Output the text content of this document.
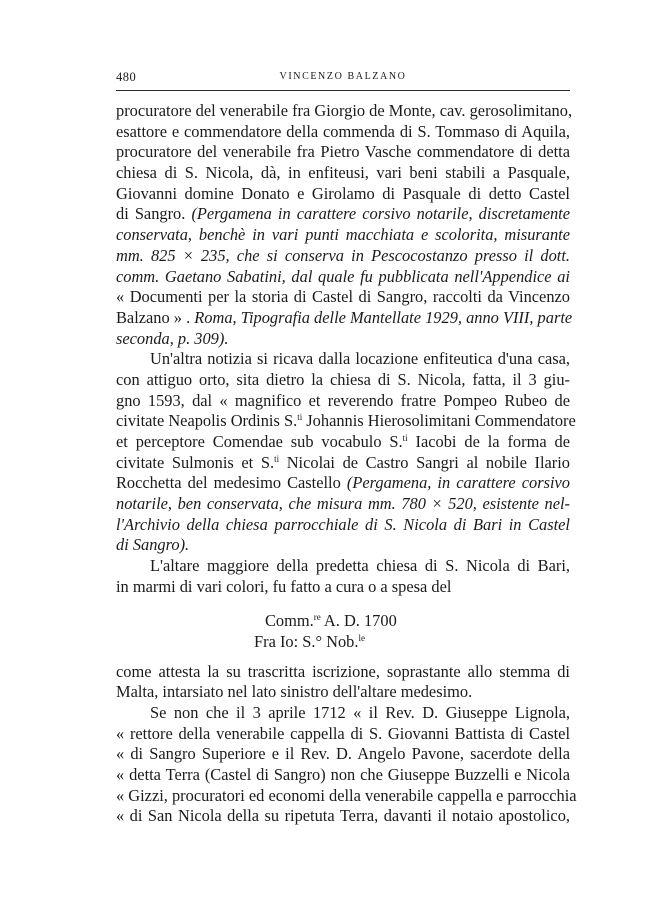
480	VINCENZO BALZANO
procuratore del venerabile fra Giorgio de Monte, cav. gerosolimitano,
esattore e commendatore della commenda di S. Tommaso di Aquila,
procuratore del venerabile fra Pietro Vasche commendatore di detta
chiesa di S. Nicola, dà, in enfiteusi, vari beni stabili a Pasquale,
Giovanni domine Donato e Girolamo di Pasquale di detto Castel
di Sangro. (Pergamena in carattere corsivo notarile, discretamente
conservata, benchè in vari punti macchiata e scolorita, misurante
mm. 825 × 235, che si conserva in Pescocostanzo presso il dott.
comm. Gaetano Sabatini, dal quale fu pubblicata nell'Appendice ai
« Documenti per la storia di Castel di Sangro, raccolti da Vincenzo
Balzano » . Roma, Tipografia delle Mantellate 1929, anno VIII, parte
seconda, p. 309).
Un'altra notizia si ricava dalla locazione enfiteutica d'una casa,
con attiguo orto, sita dietro la chiesa di S. Nicola, fatta, il 3 giu-
gno 1593, dal « magnifico et reverendo fratre Pompeo Rubeo de
civitate Neapolis Ordinis S.$^{ti}$ Johannis Hierosolimitani Commendatore
et perceptore Comendae sub vocabulo S.$^{ti}$ Iacobi de la forma de
civitate Sulmonis et S.$^{ti}$ Nicolai de Castro Sangri al nobile Ilario
Rocchetta del medesimo Castello (Pergamena, in carattere corsivo
notarile, ben conservata, che misura mm. 780 × 520, esistente nel-
l'Archivio della chiesa parrocchiale di S. Nicola di Bari in Castel
di Sangro).
L'altare maggiore della predetta chiesa di S. Nicola di Bari,
in marmi di vari colori, fu fatto a cura o a spesa del
Comm.$^{re}$ A. D. 1700
Fra Io: S.° Nob.$^{le}$
come attesta la su trascritta iscrizione, soprastante allo stemma di
Malta, intarsiato nel lato sinistro dell'altare medesimo.
Se non che il 3 aprile 1712 « il Rev. D. Giuseppe Lignola,
« rettore della venerabile cappella di S. Giovanni Battista di Castel
« di Sangro Superiore e il Rev. D. Angelo Pavone, sacerdote della
« detta Terra (Castel di Sangro) non che Giuseppe Buzzelli e Nicola
« Gizzi, procuratori ed economi della venerabile cappella e parrocchia
« di San Nicola della su ripetuta Terra, davanti il notaio apostolico,
